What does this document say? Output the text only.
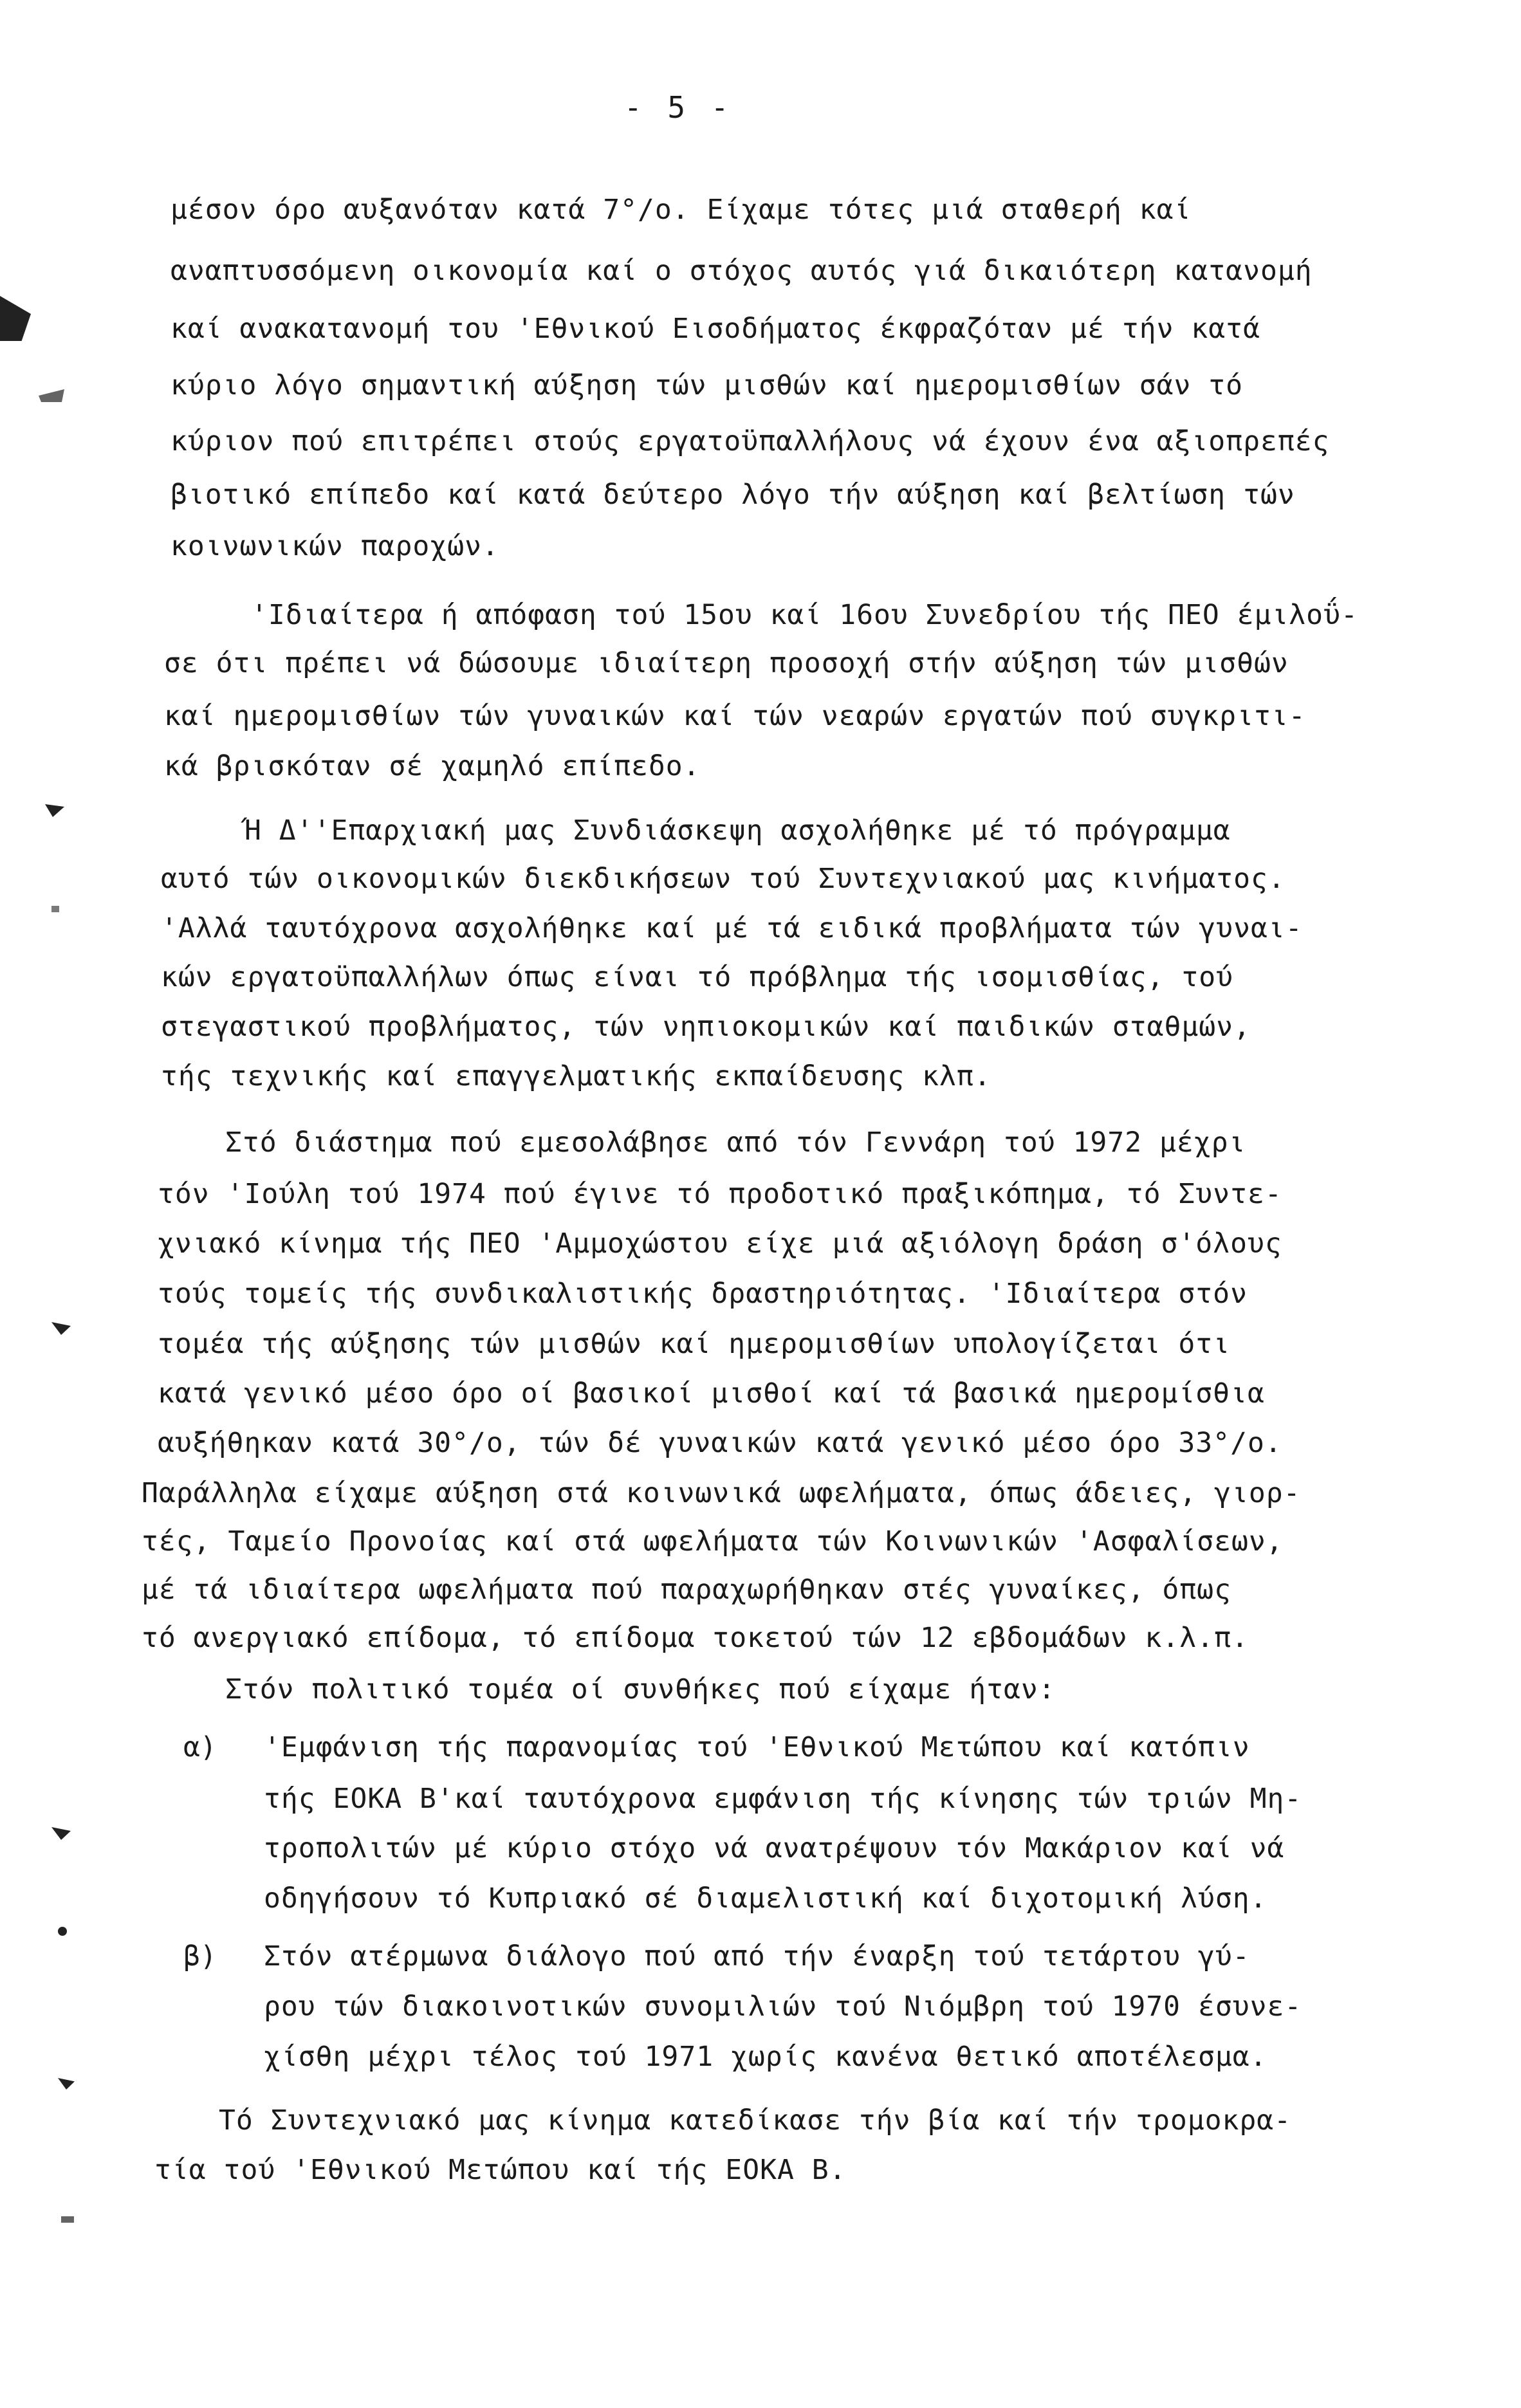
- 5 -
μέσον όρο αυξανόταν κατά 7°/ο. Είχαμε τότες μιά σταθερή καί
αναπτυσσόμενη οικονομία καί ο στόχος αυτός γιά δικαιότερη κατανομή
καί ανακατανομή του 'Εθνικού Εισοδήματος έκφραζόταν μέ τήν κατά
κύριο λόγο σημαντική αύξηση τών μισθών καί ημερομισθίων σάν τό
κύριον πού επιτρέπει στούς εργατοϋπαλλήλους νά έχουν ένα αξιοπρεπές
βιοτικό επίπεδο καί κατά δεύτερο λόγο τήν αύξηση καί βελτίωση τών
κοινωνικών παροχών.
'Ιδιαίτερα ή απόφαση τού 15ου καί 16ου Συνεδρίου τής ΠΕΟ έμιλοΰ-
σε ότι πρέπει νά δώσουμε ιδιαίτερη προσοχή στήν αύξηση τών μισθών
καί ημερομισθίων τών γυναικών καί τών νεαρών εργατών πού συγκριτι-
κά βρισκόταν σέ χαμηλό επίπεδο.
Ή Δ''Επαρχιακή μας Συνδιάσκεψη ασχολήθηκε μέ τό πρόγραμμα
αυτό τών οικονομικών διεκδικήσεων τού Συντεχνιακού μας κινήματος.
'Αλλά ταυτόχρονα ασχολήθηκε καί μέ τά ειδικά προβλήματα τών γυναι-
κών εργατοϋπαλλήλων όπως είναι τό πρόβλημα τής ισομισθίας, τού
στεγαστικού προβλήματος, τών νηπιοκομικών καί παιδικών σταθμών,
τής τεχνικής καί επαγγελματικής εκπαίδευσης κλπ.
Στό διάστημα πού εμεσολάβησε από τόν Γεννάρη τού 1972 μέχρι
τόν 'Ιούλη τού 1974 πού έγινε τό προδοτικό πραξικόπημα, τό Συντε-
χνιακό κίνημα τής ΠΕΟ 'Αμμοχώστου είχε μιά αξιόλογη δράση σ'όλους
τούς τομείς τής συνδικαλιστικής δραστηριότητας. 'Ιδιαίτερα στόν
τομέα τής αύξησης τών μισθών καί ημερομισθίων υπολογίζεται ότι
κατά γενικό μέσο όρο οί βασικοί μισθοί καί τά βασικά ημερομίσθια
αυξήθηκαν κατά 30°/ο, τών δέ γυναικών κατά γενικό μέσο όρο 33°/ο.
Παράλληλα είχαμε αύξηση στά κοινωνικά ωφελήματα, όπως άδειες, γιορ-
τές, Ταμείο Προνοίας καί στά ωφελήματα τών Κοινωνικών 'Ασφαλίσεων,
μέ τά ιδιαίτερα ωφελήματα πού παραχωρήθηκαν στές γυναίκες, όπως
τό ανεργιακό επίδομα, τό επίδομα τοκετού τών 12 εβδομάδων κ.λ.π.
Στόν πολιτικό τομέα οί συνθήκες πού είχαμε ήταν:
α) 'Εμφάνιση τής παρανομίας τού 'Εθνικού Μετώπου καί κατόπιν
τής ΕΟΚΑ Β'καί ταυτόχρονα εμφάνιση τής κίνησης τών τριών Μη-
τροπολιτών μέ κύριο στόχο νά ανατρέψουν τόν Μακάριον καί νά
οδηγήσουν τό Κυπριακό σέ διαμελιστική καί διχοτομική λύση.
β) Στόν ατέρμωνα διάλογο πού από τήν έναρξη τού τετάρτου γύ-
ρου τών διακοινοτικών συνομιλιών τού Νιόμβρη τού 1970 έσυνε-
χίσθη μέχρι τέλος τού 1971 χωρίς κανένα θετικό αποτέλεσμα.
Τό Συντεχνιακό μας κίνημα κατεδίκασε τήν βία καί τήν τρομοκρα-
τία τού 'Εθνικού Μετώπου καί τής ΕΟΚΑ Β.
